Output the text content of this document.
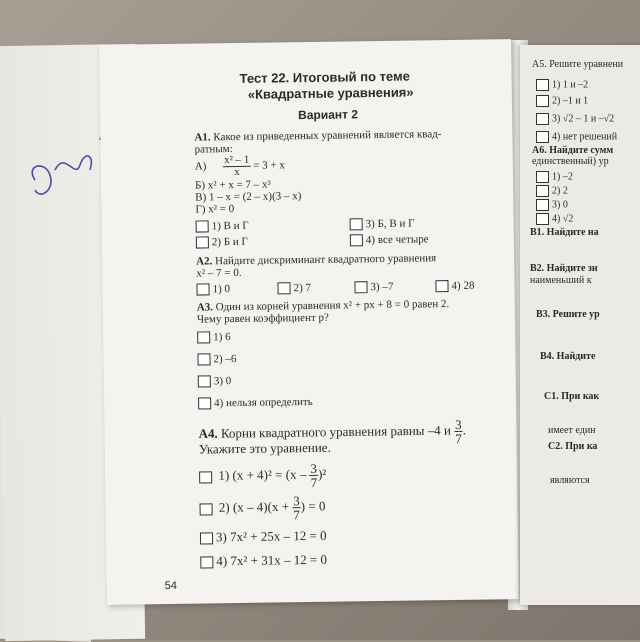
Тест 22. Итоговый по теме
«Квадратные уравнения»
Вариант 2
A1. Какое из приведенных уравнений является квад-
ратным:
$А) \frac{\text{x² – 1}}{x} = 3 + x$
Б) x² + x = 7 – x³
В) 1 – x = (2 – x)(3 – x)
Г) x² = 0
1) В и Г
2) Б и Г
3) Б, В и Г
4) все четыре
A2. Найдите дискриминант квадратного уравнения
x² – 7 = 0.
1) 0	2) 7	3) –7	4) 28
A3. Один из корней уравнения x² + px + 8 = 0 равен 2.
Чему равен коэффициент p?
1) 6
2) –6
3) 0
4) нельзя определить
A4. Корни квадратного уравнения равны –4 и $\frac{3}{7}$ .
Укажите это уравнение.
1) $(x + 4)^2 = (x - \frac{3}{7} )^2$
2) $(x - 4)(x + \frac{3}{7}$ ) = 0
3) 7x² + 25x – 12 = 0
4) 7x² + 31x – 12 = 0
54
A5. Решите уравнени
1) 1 и –2
2) –1 и 1
3) √2 – 1 и –√2
4) нет решений
A6. Найдите сумм
единственный) ур
1) –2
2) 2
3) 0
4) √2
B1. Найдите на
B2. Найдите зн
наименьший к
B3. Решите ур
B4. Найдите
C1. При как
имеет един
C2. При ка
являются
